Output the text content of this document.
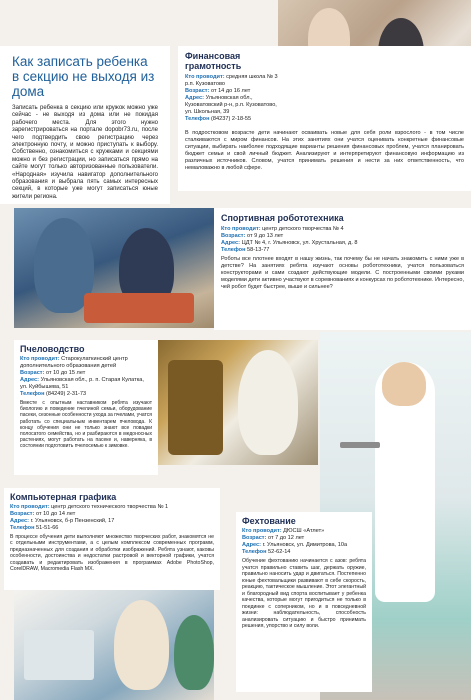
Как записать ребенка в секцию не выходя из дома
Записать ребенка в секцию или кружок можно уже сейчас - не выходя из дома или не покидая рабочего места. Для этого нужно зарегистрироваться на портале dopobr73.ru, после чего подтвердить свою регистрацию через электронную почту, и можно приступать к выбору. Собственно, ознакомиться с кружками и секциями можно и без регистрации, но записаться прямо на сайте могут только авторизованные пользователи. «Народная» изучила навигатор дополнительного образования и выбрала пять самых интересных секций, в которые уже могут записаться юные жители региона.
Финансовая грамотность
Кто проводит: средняя школа № 3 р.п. Кузоватово
Возраст: от 14 до 16 лет
Адрес: Ульяновская обл., Кузоватовский р-н, р.п. Кузоватово, ул. Школьная, 39
Телефон (84237) 2-18-55
В подростковом возрасте дети начинают осваивать новые для себя роли взрослого - в том числе сталкиваются с миром финансов. На этих занятиях они учатся оценивать конкретные финансовые ситуации, выбирать наиболее подходящие варианты решения финансовых проблем, учатся планировать бюджет семьи и свой личный бюджет. Анализируют и интерпретируют финансовую информацию из различных источников. Словом, учатся принимать решения и нести за них ответственность, что немаловажно в любой сфере.
Спортивная робототехника
Кто проводит: центр детского творчества № 4
Возраст: от 9 до 13 лет
Адрес: ЦДТ № 4, г. Ульяновск, ул. Хрустальная, д. 8
Телефон 58-13-77
Роботы все плотнее входят в нашу жизнь, так почему бы не начать знакомить с ними уже в детстве? На занятиях ребята изучают основы робототехники, учатся пользоваться конструкторами и сами создают действующие модели. С построенными своими руками моделями дети активно участвуют в соревнованиях и конкурсах по робототехнике. Интересно, чей робот будет быстрее, выше и сильнее?
Пчеловодство
Кто проводит: Старокулаткинский центр дополнительного образования детей
Возраст: от 10 до 15 лет
Адрес: Ульяновская обл., р. п. Старая Кулатка, ул. Куйбышева, 51
Телефон (84249) 2-31-73
Вместе с опытным наставником ребята изучают биологию и поведение пчелиной семьи, оборудование пасеки, сезонные особенности ухода за пчелами, учатся работать со специальным инвентарем пчеловода. К концу обучения они не только знают все повадки полосатого семейства, но и разбираются в медоносных растениях, могут работать на пасеке и, наверняка, в состоянии подготовить пчелосемью к зимовке.
Компьютерная графика
Кто проводит: центр детского технического творчества № 1
Возраст: от 10 до 14 лет
Адрес: г. Ульяновск, б-р Пензенский, 17
Телефон 51-51-66
В процессе обучения дети выполняют множество творческих работ, знакомятся не с отдельными инструментами, а с целым комплексом современных программ, предназначенных для создания и обработки изображений. Ребята узнают, каковы особенности, достоинства и недостатки растровой и векторной графики, учатся создавать и редактировать изображения в программах Adobe PhotoShop, CorelDRAW, Macromedia Flash MX.
Фехтование
Кто проводит: ДЮСШ «Атлет»
Возраст: от 7 до 12 лет
Адрес: г. Ульяновск, ул. Димитрова, 10а
Телефон 52-62-14
Обучение фехтованию начинается с азов: ребята учатся правильно ставить шаг, держать оружие, правильно наносить удар и двигаться. Постепенно юные фехтовальщики развивают в себе скорость, реакцию, тактическое мышление. Этот элегантный и благородный вид спорта воспитывает у ребенка качества, которые могут пригодиться не только в поединке с соперником, но и в повседневной жизни: наблюдательность, способность анализировать ситуацию и быстро принимать решения, упорство и силу воли.
